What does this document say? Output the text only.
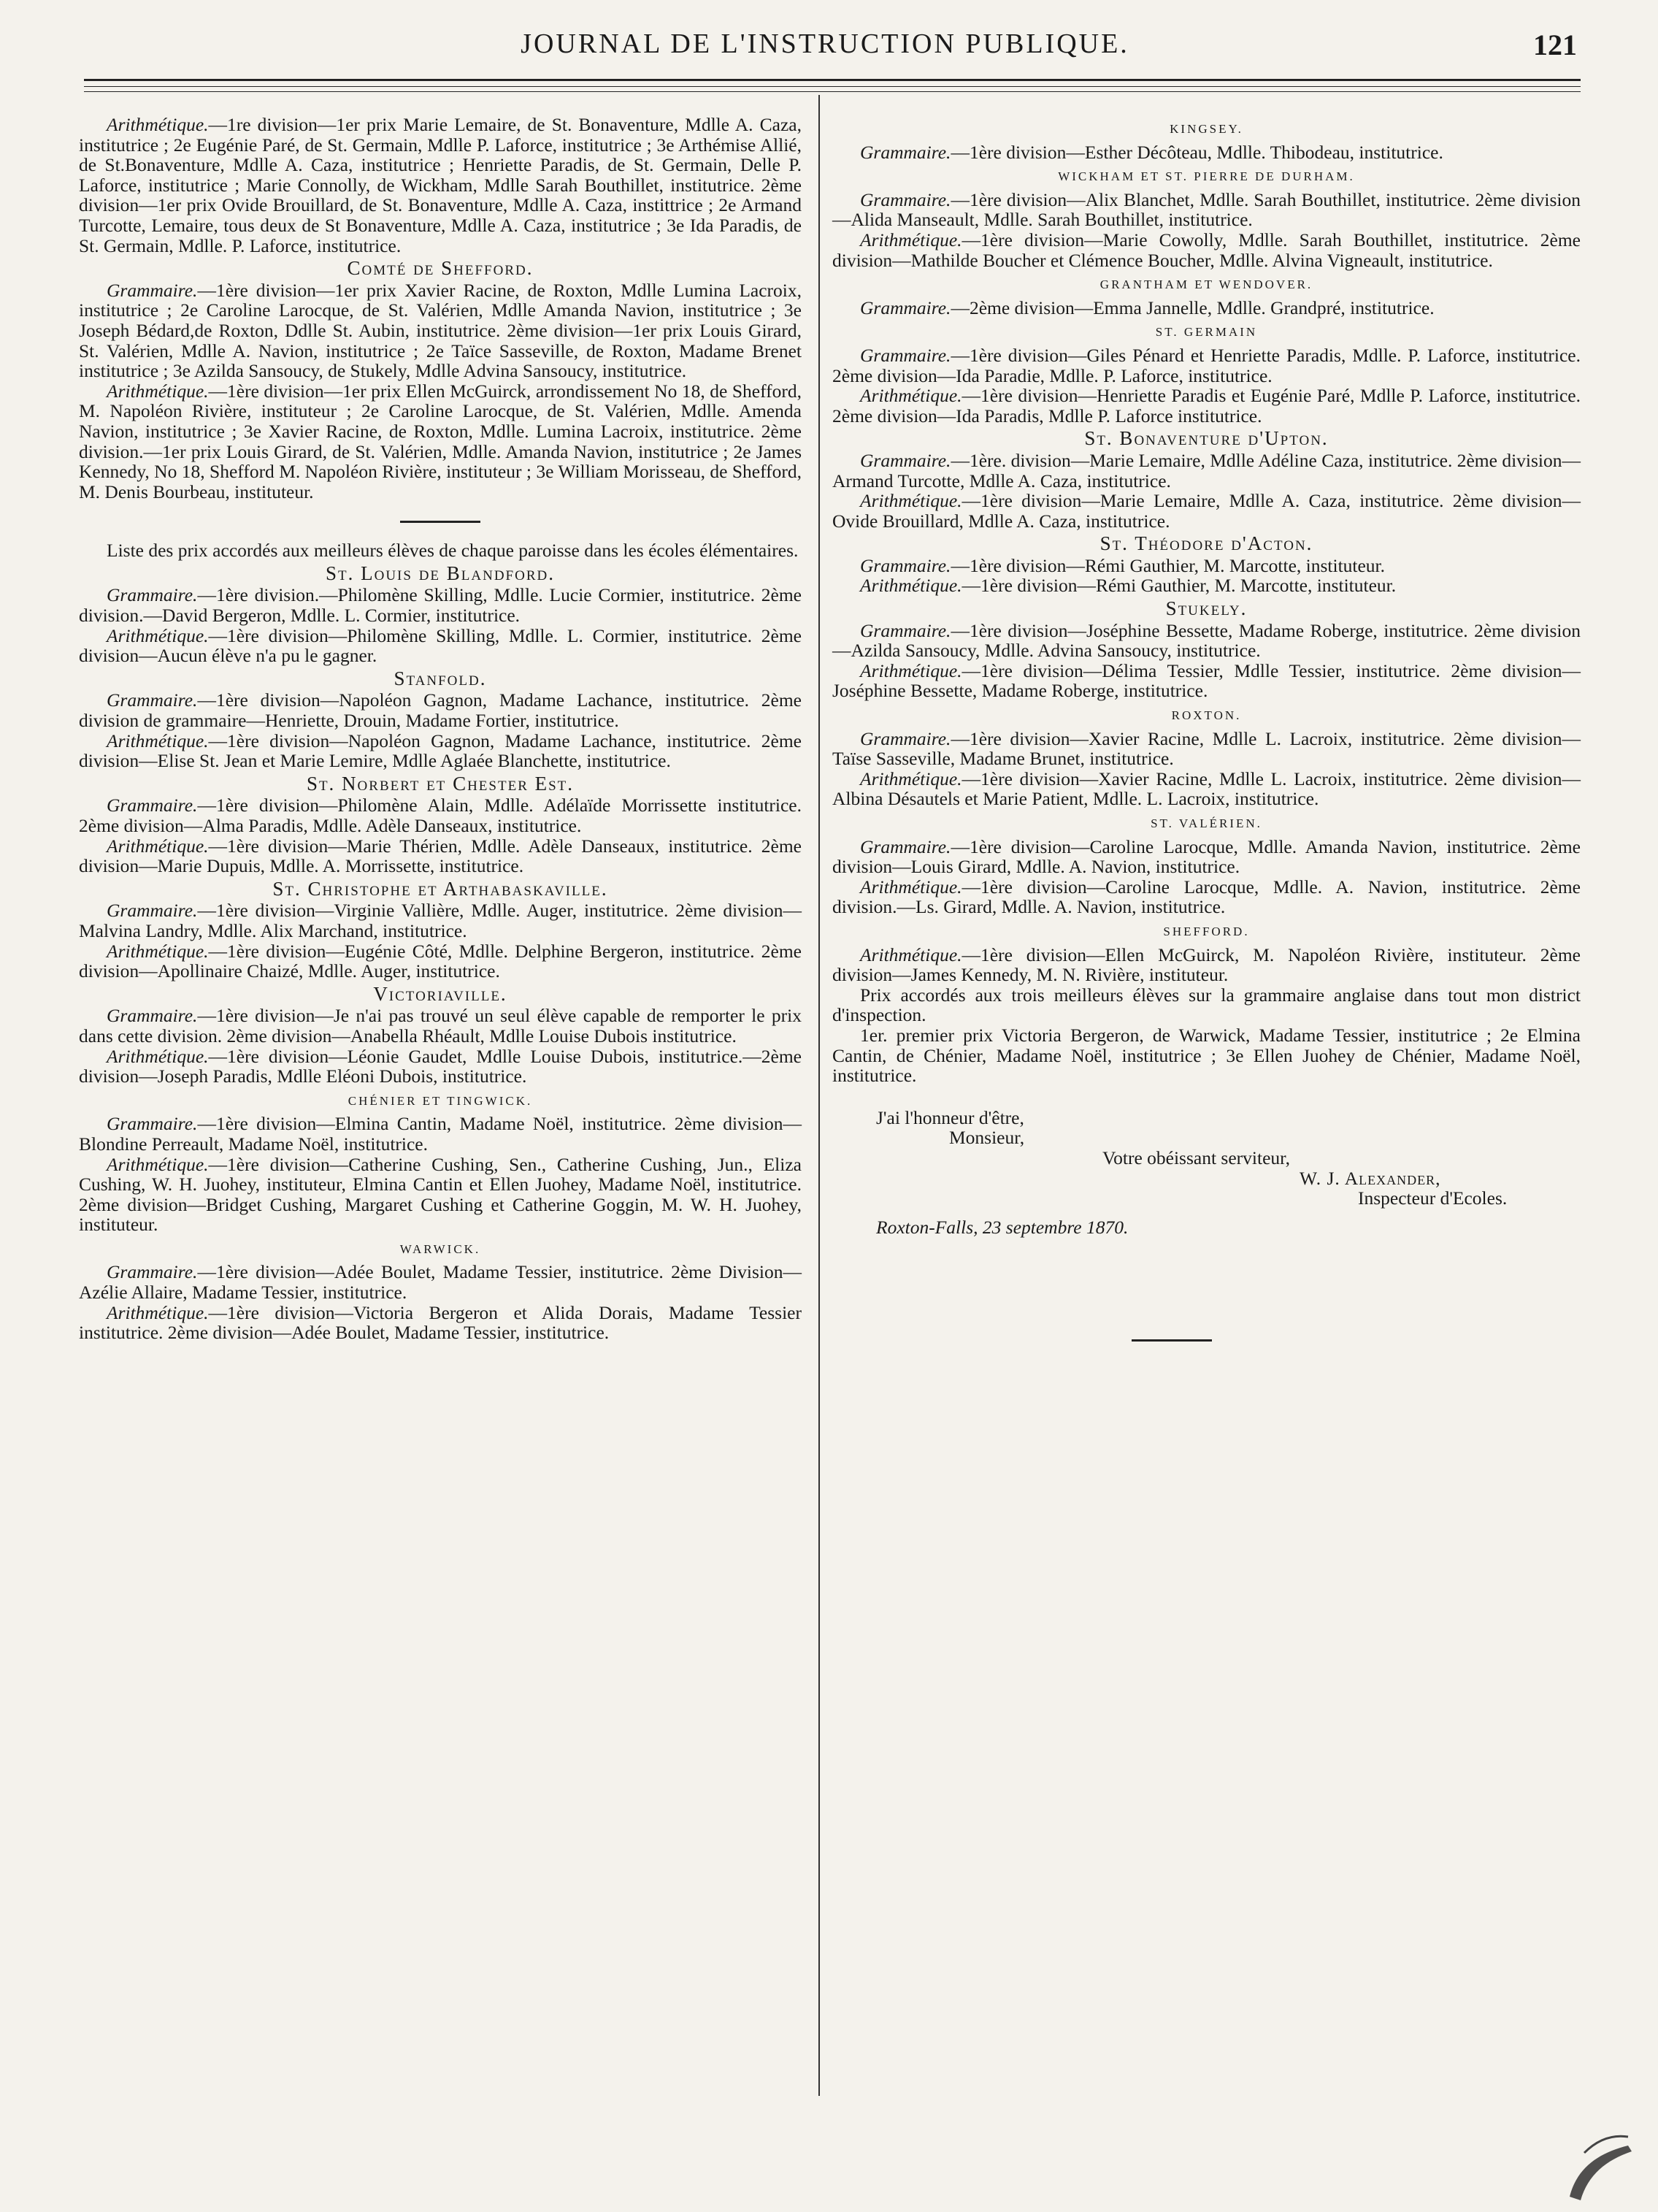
JOURNAL DE L'INSTRUCTION PUBLIQUE.	121

Arithmétique.—1re division—1er prix Marie Lemaire, de St. Bonaventure, Mdlle A. Caza, institutrice ; 2e Eugénie Paré, de St. Germain, Mdlle P. Laforce, institutrice ; 3e Arthémise Allié, de St.Bonaventure, Mdlle A. Caza, institutrice ; Henriette Paradis, de St. Germain, Delle P. Laforce, institutrice ; Marie Connolly, de Wickham, Mdlle Sarah Bouthillet, institutrice. 2ème division—1er prix Ovide Brouillard, de St. Bonaventure, Mdlle A. Caza, instittrice ; 2e Armand Turcotte, Lemaire, tous deux de St Bonaventure, Mdlle A. Caza, institutrice ; 3e Ida Paradis, de St. Germain, Mdlle. P. Laforce, institutrice.

Comté de Shefford.

Grammaire.—1ère division—1er prix Xavier Racine, de Roxton, Mdlle Lumina Lacroix, institutrice ; 2e Caroline Larocque, de St. Valérien, Mdlle Amanda Navion, institutrice ; 3e Joseph Bédard,de Roxton, Ddlle St. Aubin, institutrice. 2ème division—1er prix Louis Girard, St. Valérien, Mdlle A. Navion, institutrice ; 2e Taïce Sasseville, de Roxton, Madame Brenet institutrice ; 3e Azilda Sansoucy, de Stukely, Mdlle Advina Sansoucy, institutrice.

Arithmétique.—1ère division—1er prix Ellen McGuirck, arrondissement No 18, de Shefford, M. Napoléon Rivière, instituteur ; 2e Caroline Larocque, de St. Valérien, Mdlle. Amenda Navion, institutrice ; 3e Xavier Racine, de Roxton, Mdlle. Lumina Lacroix, institutrice. 2ème division.—1er prix Louis Girard, de St. Valérien, Mdlle. Amanda Navion, institutrice ; 2e James Kennedy, No 18, Shefford M. Napoléon Rivière, instituteur ; 3e William Morisseau, de Shefford, M. Denis Bourbeau, instituteur.

Liste des prix accordés aux meilleurs élèves de chaque paroisse dans les écoles élémentaires.

St. Louis de Blandford.

Grammaire.—1ère division.—Philomène Skilling, Mdlle. Lucie Cormier, institutrice. 2ème division.—David Bergeron, Mdlle. L. Cormier, institutrice.

Arithmétique.—1ère division—Philomène Skilling, Mdlle. L. Cormier, institutrice. 2ème division—Aucun élève n'a pu le gagner.

Stanfold.

Grammaire.—1ère division—Napoléon Gagnon, Madame Lachance, institutrice. 2ème division de grammaire—Henriette, Drouin, Madame Fortier, institutrice.

Arithmétique.—1ère division—Napoléon Gagnon, Madame Lachance, institutrice. 2ème division—Elise St. Jean et Marie Lemire, Mdlle Aglaée Blanchette, institutrice.

St. Norbert et Chester Est.

Grammaire.—1ère division—Philomène Alain, Mdlle. Adélaïde Morrissette institutrice. 2ème division—Alma Paradis, Mdlle. Adèle Danseaux, institutrice.

Arithmétique.—1ère division—Marie Thérien, Mdlle. Adèle Danseaux, institutrice. 2ème division—Marie Dupuis, Mdlle. A. Morrissette, institutrice.

St. Christophe et Arthabaskaville.

Grammaire.—1ère division—Virginie Vallière, Mdlle. Auger, institutrice. 2ème division—Malvina Landry, Mdlle. Alix Marchand, institutrice.

Arithmétique.—1ère division—Eugénie Côté, Mdlle. Delphine Bergeron, institutrice. 2ème division—Apollinaire Chaizé, Mdlle. Auger, institutrice.

Victoriaville.

Grammaire.—1ère division—Je n'ai pas trouvé un seul élève capable de remporter le prix dans cette division. 2ème division—Anabella Rhéault, Mdlle Louise Dubois institutrice.

Arithmétique.—1ère division—Léonie Gaudet, Mdlle Louise Dubois, institutrice.—2ème division—Joseph Paradis, Mdlle Eléoni Dubois, institutrice.

CHÉNIER ET TINGWICK.

Grammaire.—1ère division—Elmina Cantin, Madame Noël, institutrice. 2ème division—Blondine Perreault, Madame Noël, institutrice.

Arithmétique.—1ère division—Catherine Cushing, Sen., Catherine Cushing, Jun., Eliza Cushing, W. H. Juohey, instituteur, Elmina Cantin et Ellen Juohey, Madame Noël, institutrice. 2ème division—Bridget Cushing, Margaret Cushing et Catherine Goggin, M. W. H. Juohey, instituteur.

WARWICK.

Grammaire.—1ère division—Adée Boulet, Madame Tessier, institutrice. 2ème Division—Azélie Allaire, Madame Tessier, institutrice.

Arithmétique.—1ère division—Victoria Bergeron et Alida Dorais, Madame Tessier institutrice. 2ème division—Adée Boulet, Madame Tessier, institutrice.

KINGSEY.

Grammaire.—1ère division—Esther Décôteau, Mdlle. Thibodeau, institutrice.

WICKHAM ET ST. PIERRE DE DURHAM.

Grammaire.—1ère division—Alix Blanchet, Mdlle. Sarah Bouthillet, institutrice. 2ème division—Alida Manseault, Mdlle. Sarah Bouthillet, institutrice.

Arithmétique.—1ère division—Marie Cowolly, Mdlle. Sarah Bouthillet, institutrice. 2ème division—Mathilde Boucher et Clémence Boucher, Mdlle. Alvina Vigneault, institutrice.

GRANTHAM ET WENDOVER.

Grammaire.—2ème division—Emma Jannelle, Mdlle. Grandpré, institutrice.

ST. GERMAIN

Grammaire.—1ère division—Giles Pénard et Henriette Paradis, Mdlle. P. Laforce, institutrice. 2ème division—Ida Paradie, Mdlle. P. Laforce, institutrice.

Arithmétique.—1ère division—Henriette Paradis et Eugénie Paré, Mdlle P. Laforce, institutrice. 2ème division—Ida Paradis, Mdlle P. Laforce institutrice.

St. Bonaventure d'Upton.

Grammaire.—1ère. division—Marie Lemaire, Mdlle Adéline Caza, institutrice. 2ème division—Armand Turcotte, Mdlle A. Caza, institutrice.

Arithmétique.—1ère division—Marie Lemaire, Mdlle A. Caza, institutrice. 2ème division—Ovide Brouillard, Mdlle A. Caza, institutrice.

St. Théodore d'Acton.

Grammaire.—1ère division—Rémi Gauthier, M. Marcotte, instituteur.

Arithmétique.—1ère division—Rémi Gauthier, M. Marcotte, instituteur.

Stukely.

Grammaire.—1ère division—Joséphine Bessette, Madame Roberge, institutrice. 2ème division—Azilda Sansoucy, Mdlle. Advina Sansoucy, institutrice.

Arithmétique.—1ère division—Délima Tessier, Mdlle Tessier, institutrice. 2ème division—Joséphine Bessette, Madame Roberge, institutrice.

ROXTON.

Grammaire.—1ère division—Xavier Racine, Mdlle L. Lacroix, institutrice. 2ème division—Taïse Sasseville, Madame Brunet, institutrice.

Arithmétique.—1ère division—Xavier Racine, Mdlle L. Lacroix, institutrice. 2ème division—Albina Désautels et Marie Patient, Mdlle. L. Lacroix, institutrice.

ST. VALÉRIEN.

Grammaire.—1ère division—Caroline Larocque, Mdlle. Amanda Navion, institutrice. 2ème division—Louis Girard, Mdlle. A. Navion, institutrice.

Arithmétique.—1ère division—Caroline Larocque, Mdlle. A. Navion, institutrice. 2ème division.—Ls. Girard, Mdlle. A. Navion, institutrice.

SHEFFORD.

Arithmétique.—1ère division—Ellen McGuirck, M. Napoléon Rivière, instituteur. 2ème division—James Kennedy, M. N. Rivière, instituteur.

Prix accordés aux trois meilleurs élèves sur la grammaire anglaise dans tout mon district d'inspection.

1er. premier prix Victoria Bergeron, de Warwick, Madame Tessier, institutrice ; 2e Elmina Cantin, de Chénier, Madame Noël, institutrice ; 3e Ellen Juohey de Chénier, Madame Noël, institutrice.

J'ai l'honneur d'être,

Monsieur,

Votre obéissant serviteur,

W. J. Alexander,

Inspecteur d'Ecoles.

Roxton-Falls, 23 septembre 1870.
